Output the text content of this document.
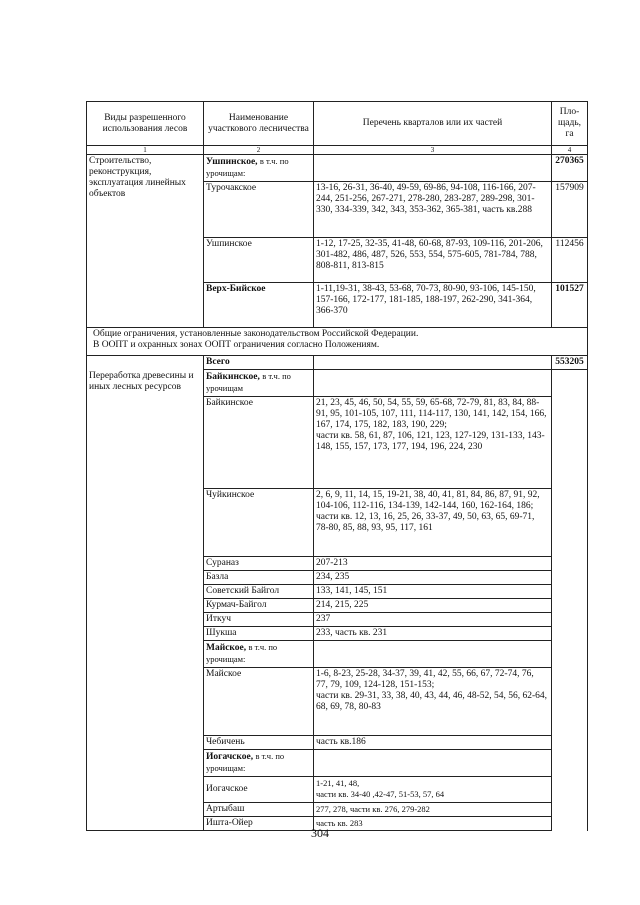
Виды разрешенного использования лесов	Наименование участкового лесничества	Перечень кварталов или их частей	Пло-щадь, га	
1	2	3	4	
Строительство, реконструкция, эксплуатация линейных объектов	Ушпинское, в т.ч. по урочищам:		270365	
	Турочакское	13-16, 26-31, 36-40, 49-59, 69-86, 94-108, 116-166, 207-244, 251-256, 267-271, 278-280, 283-287, 289-298, 301-330, 334-339, 342, 343, 353-362, 365-381, часть кв.288	157909	
	Ушпинское	1-12, 17-25, 32-35, 41-48, 60-68, 87-93, 109-116, 201-206, 301-482, 486, 487, 526, 553, 554, 575-605, 781-784, 788, 808-811, 813-815	112456	
	Верх-Бийское	1-11,19-31, 38-43, 53-68, 70-73, 80-90, 93-106, 145-150, 157-166, 172-177, 181-185, 188-197, 262-290, 341-364, 366-370	101527	

Общие ограничения, установленные законодательством Российской Федерации.
В ООПТ и охранных зонах ООПТ ограничения согласно Положениям.				

	Всего		553205	
Переработка древесины и иных лесных ресурсов	Байкинское, в т.ч. по урочищам			
	Байкинское	21, 23, 45, 46, 50, 54, 55, 59, 65-68, 72-79, 81, 83, 84, 88-91, 95, 101-105, 107, 111, 114-117, 130, 141, 142, 154, 166, 167, 174, 175, 182, 183, 190, 229;
части кв. 58, 61, 87, 106, 121, 123, 127-129, 131-133, 143-148, 155, 157, 173, 177, 194, 196, 224, 230		

	Чуйкинское	2, 6, 9, 11, 14, 15, 19-21, 38, 40, 41, 81, 84, 86, 87, 91, 92, 104-106, 112-116, 134-139, 142-144, 160, 162-164, 186;
части кв. 12, 13, 16, 25, 26, 33-37, 49, 50, 63, 65, 69-71, 78-80, 85, 88, 93, 95, 117, 161		

	Сураназ	207-213		
	Базла	234, 235		
	Советский Байгол	133, 141, 145, 151		
	Курмач-Байгол	214, 215, 225		
	Иткуч	237		
	Шукша	233, часть кв. 231		
	Майское, в т.ч. по урочищам:			
	Майское	1-6, 8-23, 25-28, 34-37, 39, 41, 42, 55, 66, 67, 72-74, 76,
77, 79, 109, 124-128, 151-153;
части кв. 29-31, 33, 38, 40, 43, 44, 46, 48-52, 54, 56, 62-64, 68, 69, 78, 80-83		

	Чебичень	часть кв.186		
	Иогачское, в т.ч. по урочищам:			
	Иогачское	1-21, 41, 48,
части кв. 34-40 ,42-47, 51-53, 57, 64		

	Артыбаш	277, 278, части кв. 276, 279-282		
	Ишта-Ойер	часть кв. 283		
304
